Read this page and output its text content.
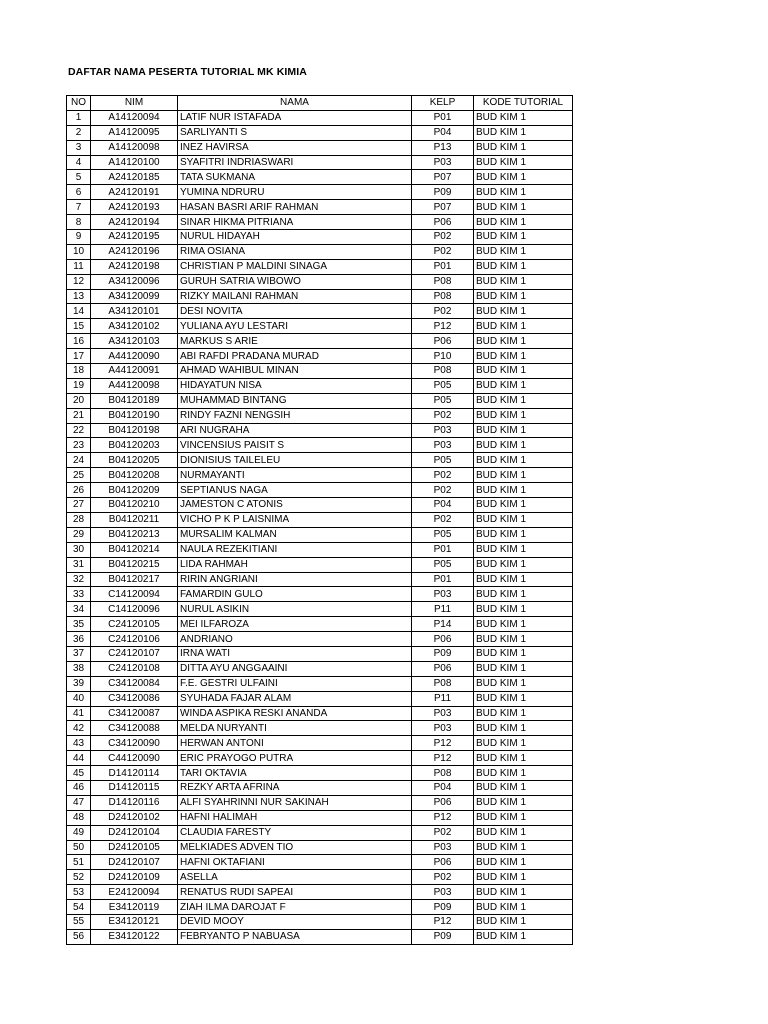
DAFTAR NAMA PESERTA TUTORIAL MK KIMIA
NO	NIM	NAMA	KELP	KODE TUTORIAL
1	A14120094	LATIF NUR ISTAFADA	P01	BUD KIM 1
2	A14120095	SARLIYANTI S	P04	BUD KIM 1
3	A14120098	INEZ HAVIRSA	P13	BUD KIM 1
4	A14120100	SYAFITRI INDRIASWARI	P03	BUD KIM 1
5	A24120185	TATA SUKMANA	P07	BUD KIM 1
6	A24120191	YUMINA NDRURU	P09	BUD KIM 1
7	A24120193	HASAN BASRI ARIF RAHMAN	P07	BUD KIM 1
8	A24120194	SINAR HIKMA PITRIANA	P06	BUD KIM 1
9	A24120195	NURUL HIDAYAH	P02	BUD KIM 1
10	A24120196	RIMA OSIANA	P02	BUD KIM 1
11	A24120198	CHRISTIAN P MALDINI SINAGA	P01	BUD KIM 1
12	A34120096	GURUH SATRIA WIBOWO	P08	BUD KIM 1
13	A34120099	RIZKY MAILANI RAHMAN	P08	BUD KIM 1
14	A34120101	DESI NOVITA	P02	BUD KIM 1
15	A34120102	YULIANA AYU LESTARI	P12	BUD KIM 1
16	A34120103	MARKUS S ARIE	P06	BUD KIM 1
17	A44120090	ABI RAFDI PRADANA MURAD	P10	BUD KIM 1
18	A44120091	AHMAD WAHIBUL MINAN	P08	BUD KIM 1
19	A44120098	HIDAYATUN NISA	P05	BUD KIM 1
20	B04120189	MUHAMMAD BINTANG	P05	BUD KIM 1
21	B04120190	RINDY FAZNI NENGSIH	P02	BUD KIM 1
22	B04120198	ARI NUGRAHA	P03	BUD KIM 1
23	B04120203	VINCENSIUS PAISIT S	P03	BUD KIM 1
24	B04120205	DIONISIUS TAILELEU	P05	BUD KIM 1
25	B04120208	NURMAYANTI	P02	BUD KIM 1
26	B04120209	SEPTIANUS NAGA	P02	BUD KIM 1
27	B04120210	JAMESTON C ATONIS	P04	BUD KIM 1
28	B04120211	VICHO P K P LAISNIMA	P02	BUD KIM 1
29	B04120213	MURSALIM KALMAN	P05	BUD KIM 1
30	B04120214	NAULA REZEKITIANI	P01	BUD KIM 1
31	B04120215	LIDA RAHMAH	P05	BUD KIM 1
32	B04120217	RIRIN ANGRIANI	P01	BUD KIM 1
33	C14120094	FAMARDIN GULO	P03	BUD KIM 1
34	C14120096	NURUL ASIKIN	P11	BUD KIM 1
35	C24120105	MEI ILFAROZA	P14	BUD KIM 1
36	C24120106	ANDRIANO	P06	BUD KIM 1
37	C24120107	IRNA WATI	P09	BUD KIM 1
38	C24120108	DITTA AYU ANGGAAINI	P06	BUD KIM 1
39	C34120084	F.E. GESTRI ULFAINI	P08	BUD KIM 1
40	C34120086	SYUHADA FAJAR ALAM	P11	BUD KIM 1
41	C34120087	WINDA ASPIKA RESKI ANANDA	P03	BUD KIM 1
42	C34120088	MELDA NURYANTI	P03	BUD KIM 1
43	C34120090	HERWAN ANTONI	P12	BUD KIM 1
44	C44120090	ERIC PRAYOGO PUTRA	P12	BUD KIM 1
45	D14120114	TARI OKTAVIA	P08	BUD KIM 1
46	D14120115	REZKY ARTA AFRINA	P04	BUD KIM 1
47	D14120116	ALFI SYAHRINNI NUR SAKINAH	P06	BUD KIM 1
48	D24120102	HAFNI HALIMAH	P12	BUD KIM 1
49	D24120104	CLAUDIA FARESTY	P02	BUD KIM 1
50	D24120105	MELKIADES ADVEN TIO	P03	BUD KIM 1
51	D24120107	HAFNI OKTAFIANI	P06	BUD KIM 1
52	D24120109	ASELLA	P02	BUD KIM 1
53	E24120094	RENATUS RUDI SAPEAI	P03	BUD KIM 1
54	E34120119	ZIAH ILMA DAROJAT F	P09	BUD KIM 1
55	E34120121	DEVID MOOY	P12	BUD KIM 1
56	E34120122	FEBRYANTO P NABUASA	P09	BUD KIM 1
